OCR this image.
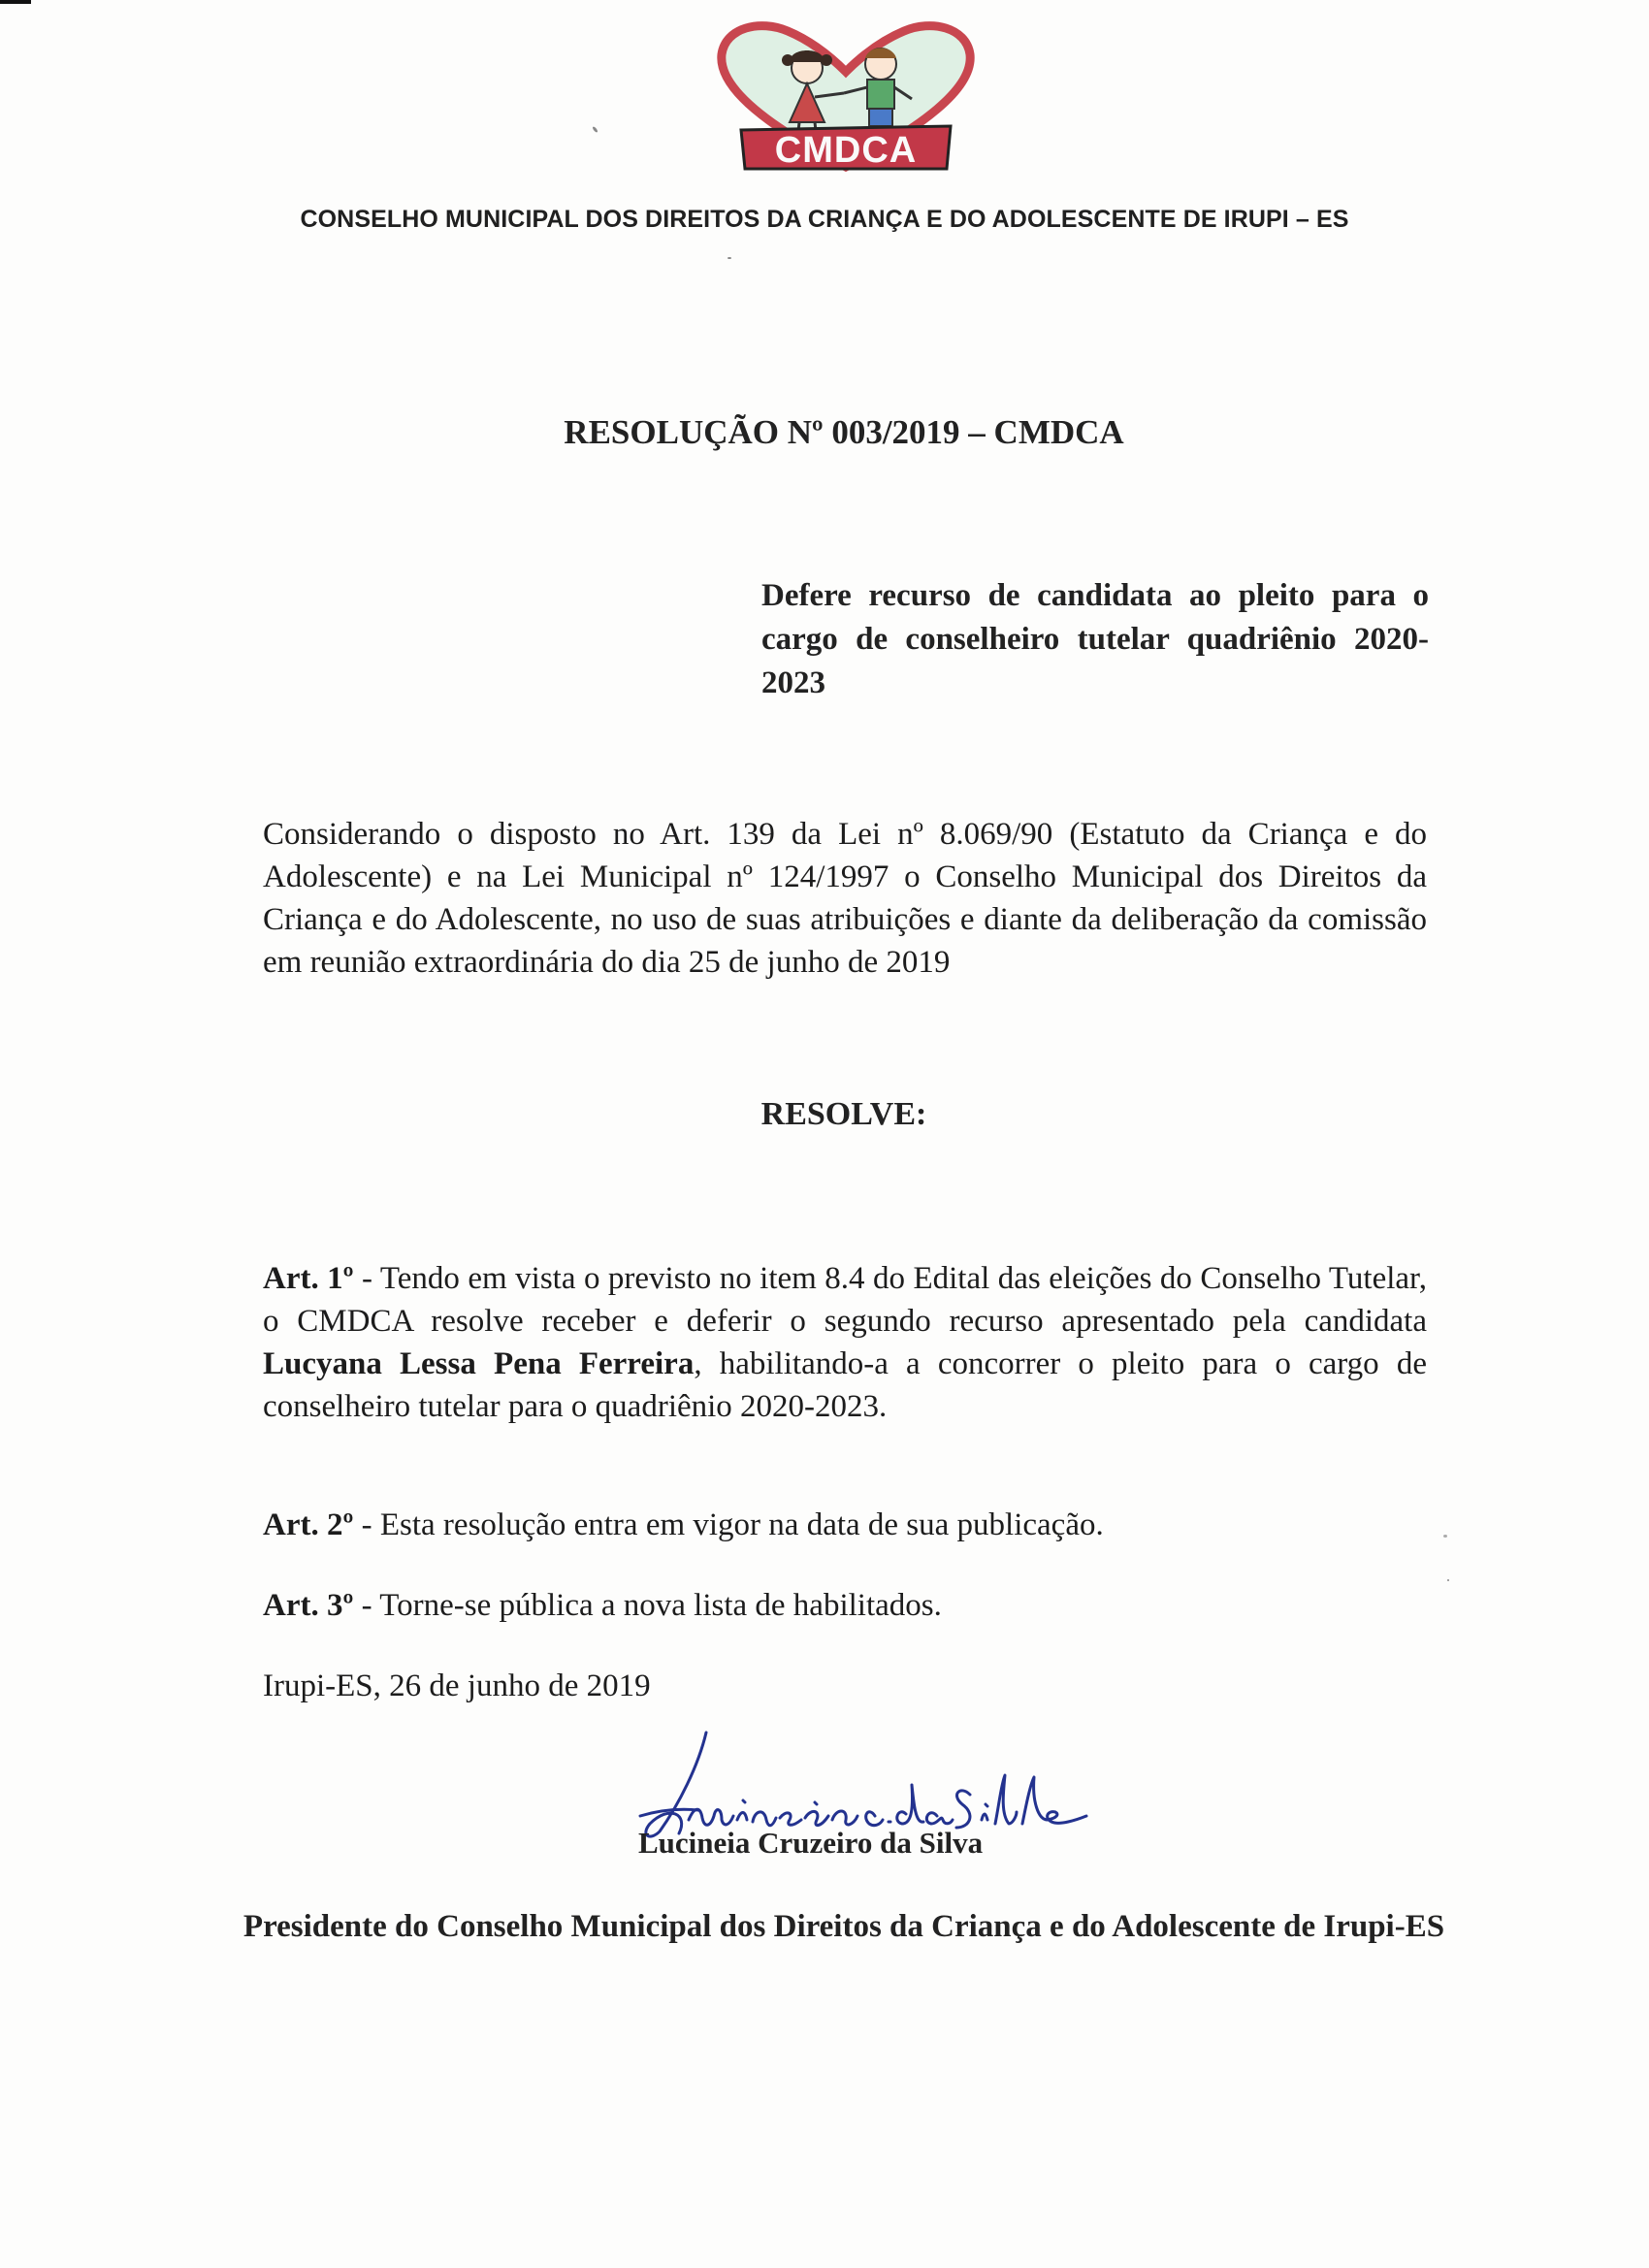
CMDCA
CONSELHO MUNICIPAL DOS DIREITOS DA CRIANÇA E DO ADOLESCENTE DE IRUPI – ES
RESOLUÇÃO Nº 003/2019 – CMDCA
Defere recurso de candidata ao pleito para o cargo de conselheiro tutelar quadriênio 2020-2023
Considerando o disposto no Art. 139 da Lei nº 8.069/90 (Estatuto da Criança e do Adolescente) e na Lei Municipal nº 124/1997 o Conselho Municipal dos Direitos da Criança e do Adolescente, no uso de suas atribuições e diante da deliberação da comissão em reunião extraordinária do dia 25 de junho de 2019
RESOLVE:
Art. 1º - Tendo em vista o previsto no item 8.4 do Edital das eleições do Conselho Tutelar, o CMDCA resolve receber e deferir o segundo recurso apresentado pela candidata Lucyana Lessa Pena Ferreira, habilitando-a a concorrer o pleito para o cargo de conselheiro tutelar para o quadriênio 2020-2023.
Art. 2º - Esta resolução entra em vigor na data de sua publicação.
Art. 3º - Torne-se pública a nova lista de habilitados.
Irupi-ES, 26 de junho de 2019
Lucineia Cruzeiro da Silva
Presidente do Conselho Municipal dos Direitos da Criança e do Adolescente de Irupi-ES
